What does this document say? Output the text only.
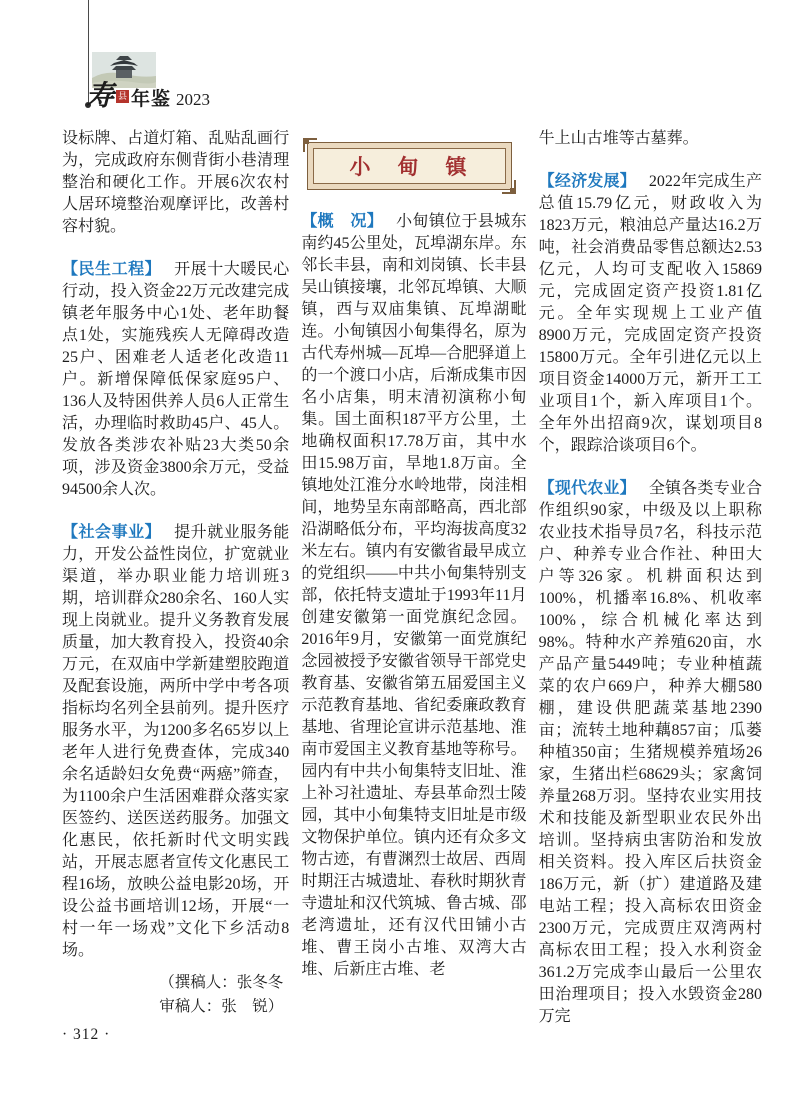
寿 县 年鉴 2023

设标牌、占道灯箱、乱贴乱画行为，完成政府东侧背街小巷清理整治和硬化工作。开展6次农村人居环境整治观摩评比，改善村容村貌。

【民生工程】 开展十大暖民心行动，投入资金22万元改建完成镇老年服务中心1处、老年助餐点1处，实施残疾人无障碍改造25户、困难老人适老化改造11户。新增保障低保家庭95户、136人及特困供养人员6人正常生活，办理临时救助45户、45人。发放各类涉农补贴23大类50余项，涉及资金3800余万元，受益94500余人次。

【社会事业】 提升就业服务能力，开发公益性岗位，扩宽就业渠道，举办职业能力培训班3期，培训群众280余名、160人实现上岗就业。提升义务教育发展质量，加大教育投入，投资40余万元，在双庙中学新建塑胶跑道及配套设施，两所中学中考各项指标均名列全县前列。提升医疗服务水平，为1200多名65岁以上老年人进行免费查体，完成340余名适龄妇女免费“两癌”筛查，为1100余户生活困难群众落实家医签约、送医送药服务。加强文化惠民，依托新时代文明实践站，开展志愿者宣传文化惠民工程16场，放映公益电影20场，开设公益书画培训12场，开展“一村一年一场戏”文化下乡活动8场。

（撰稿人：张冬冬
审稿人：张　锐）
小　甸　镇

【概　况】 小甸镇位于县城东南约45公里处，瓦埠湖东岸。东邻长丰县，南和刘岗镇、长丰县吴山镇接壤，北邻瓦埠镇、大顺镇，西与双庙集镇、瓦埠湖毗连。小甸镇因小甸集得名，原为古代寿州城—瓦埠—合肥驿道上的一个渡口小店，后渐成集市因名小店集，明末清初演称小甸集。国土面积187平方公里，土地确权面积17.78万亩，其中水田15.98万亩，旱地1.8万亩。全镇地处江淮分水岭地带，岗洼相间，地势呈东南部略高，西北部沿湖略低分布，平均海拔高度32米左右。镇内有安徽省最早成立的党组织——中共小甸集特别支部，依托特支遗址于1993年11月创建安徽第一面党旗纪念园。2016年9月，安徽第一面党旗纪念园被授予安徽省领导干部党史教育基、安徽省第五届爱国主义示范教育基地、省纪委廉政教育基地、省理论宣讲示范基地、淮南市爱国主义教育基地等称号。园内有中共小甸集特支旧址、淮上补习社遗址、寿县革命烈士陵园，其中小甸集特支旧址是市级文物保护单位。镇内还有众多文物古迹，有曹渊烈士故居、西周时期汪古城遗址、春秋时期狄青寺遗址和汉代筑城、鲁古城、邵老湾遗址，还有汉代田铺小古堆、曹王岗小古堆、双湾大古堆、后新庄古堆、老

牛上山古堆等古墓葬。

【经济发展】 2022年完成生产总值15.79亿元，财政收入为1823万元，粮油总产量达16.2万吨，社会消费品零售总额达2.53亿元，人均可支配收入15869元，完成固定资产投资1.81亿元。全年实现规上工业产值8900万元，完成固定资产投资15800万元。全年引进亿元以上项目资金14000万元，新开工工业项目1个，新入库项目1个。全年外出招商9次，谋划项目8个，跟踪洽谈项目6个。

【现代农业】 全镇各类专业合作组织90家，中级及以上职称农业技术指导员7名，科技示范户、种养专业合作社、种田大户等326家。机耕面积达到100%，机播率16.8%、机收率100%，综合机械化率达到98%。特种水产养殖620亩，水产品产量5449吨；专业种植蔬菜的农户669户，种养大棚580棚，建设供肥蔬菜基地2390亩；流转土地种藕857亩；瓜蒌种植350亩；生猪规模养殖场26家，生猪出栏68629头；家禽饲养量268万羽。坚持农业实用技术和技能及新型职业农民外出培训。坚持病虫害防治和发放相关资料。投入库区后扶资金186万元，新（扩）建道路及建电站工程；投入高标农田资金2300万元，完成贾庄双湾两村高标农田工程；投入水利资金361.2万完成李山最后一公里农田治理项目；投入水毁资金280万完

· 312 ·
